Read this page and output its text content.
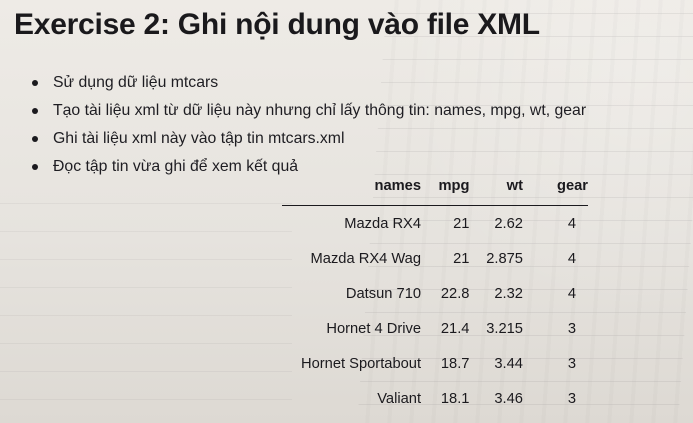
Exercise 2: Ghi nội dung vào file XML
Sử dụng dữ liệu mtcars
Tạo tài liệu xml từ dữ liệu này nhưng chỉ lấy thông tin: names, mpg, wt, gear
Ghi tài liệu xml này vào tập tin mtcars.xml
Đọc tập tin vừa ghi để xem kết quả
names	mpg	wt	gear
Mazda RX4	21	2.62	4
Mazda RX4 Wag	21	2.875	4
Datsun 710	22.8	2.32	4
Hornet 4 Drive	21.4	3.215	3
Hornet Sportabout	18.7	3.44	3
Valiant	18.1	3.46	3
